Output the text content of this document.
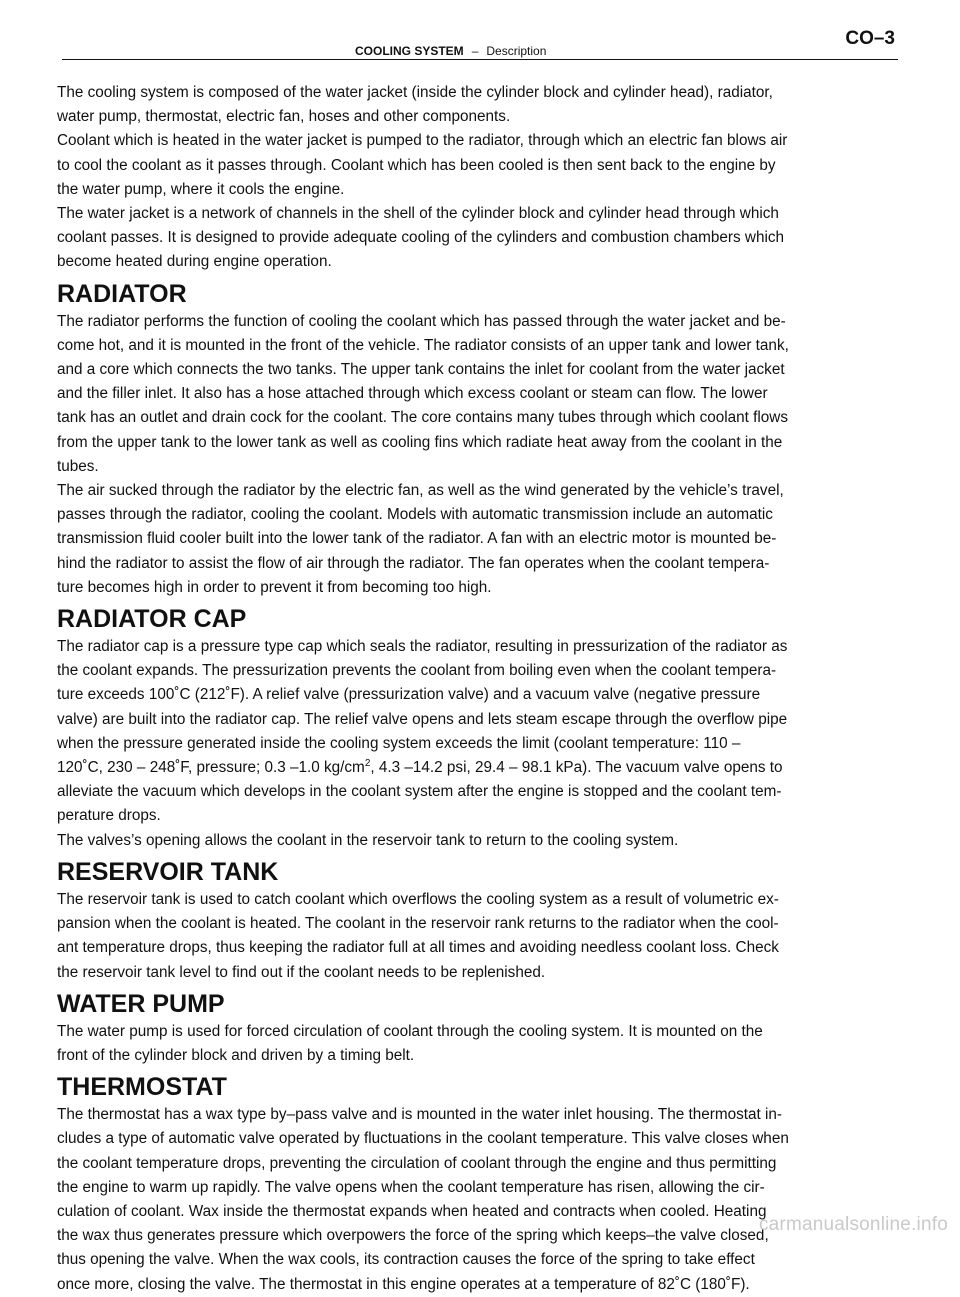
COOLING SYSTEM – Description
CO–3

The cooling system is composed of the water jacket (inside the cylinder block and cylinder head), radiator,
water pump, thermostat, electric fan, hoses and other components.

Coolant which is heated in the water jacket is pumped to the radiator, through which an electric fan blows air
to cool the coolant as it passes through. Coolant which has been cooled is then sent back to the engine by
the water pump, where it cools the engine.

The water jacket is a network of channels in the shell of the cylinder block and cylinder head through which
coolant passes. It is designed to provide adequate cooling of the cylinders and combustion chambers which
become heated during engine operation.

RADIATOR

The radiator performs the function of cooling the coolant which has passed through the water jacket and be-
come hot, and it is mounted in the front of the vehicle. The radiator consists of an upper tank and lower tank,
and a core which connects the two tanks. The upper tank contains the inlet for coolant from the water jacket
and the filler inlet. It also has a hose attached through which excess coolant or steam can flow. The lower
tank has an outlet and drain cock for the coolant. The core contains many tubes through which coolant flows
from the upper tank to the lower tank as well as cooling fins which radiate heat away from the coolant in the
tubes.

The air sucked through the radiator by the electric fan, as well as the wind generated by the vehicle’s travel,
passes through the radiator, cooling the coolant. Models with automatic transmission include an automatic
transmission fluid cooler built into the lower tank of the radiator. A fan with an electric motor is mounted be-
hind the radiator to assist the flow of air through the radiator. The fan operates when the coolant tempera-
ture becomes high in order to prevent it from becoming too high.

RADIATOR CAP

The radiator cap is a pressure type cap which seals the radiator, resulting in pressurization of the radiator as
the coolant expands. The pressurization prevents the coolant from boiling even when the coolant tempera-
ture exceeds 100˚C (212˚F). A relief valve (pressurization valve) and a vacuum valve (negative pressure
valve) are built into the radiator cap. The relief valve opens and lets steam escape through the overflow pipe
when the pressure generated inside the cooling system exceeds the limit (coolant temperature: 110 –
120˚C, 230 – 248˚F, pressure; 0.3 –1.0 $kg/cm^2$, 4.3 –14.2 psi, 29.4 – 98.1 kPa). The vacuum valve opens to
alleviate the vacuum which develops in the coolant system after the engine is stopped and the coolant tem-
perature drops.

The valves’s opening allows the coolant in the reservoir tank to return to the cooling system.

RESERVOIR TANK

The reservoir tank is used to catch coolant which overflows the cooling system as a result of volumetric ex-
pansion when the coolant is heated. The coolant in the reservoir rank returns to the radiator when the cool-
ant temperature drops, thus keeping the radiator full at all times and avoiding needless coolant loss. Check
the reservoir tank level to find out if the coolant needs to be replenished.

WATER PUMP

The water pump is used for forced circulation of coolant through the cooling system. It is mounted on the
front of the cylinder block and driven by a timing belt.

THERMOSTAT

The thermostat has a wax type by–pass valve and is mounted in the water inlet housing. The thermostat in-
cludes a type of automatic valve operated by fluctuations in the coolant temperature. This valve closes when
the coolant temperature drops, preventing the circulation of coolant through the engine and thus permitting
the engine to warm up rapidly. The valve opens when the coolant temperature has risen, allowing the cir-
culation of coolant. Wax inside the thermostat expands when heated and contracts when cooled. Heating
the wax thus generates pressure which overpowers the force of the spring which keeps–the valve closed,
thus opening the valve. When the wax cools, its contraction causes the force of the spring to take effect
once more, closing the valve. The thermostat in this engine operates at a temperature of 82˚C (180˚F).

carmanualsonline.info
